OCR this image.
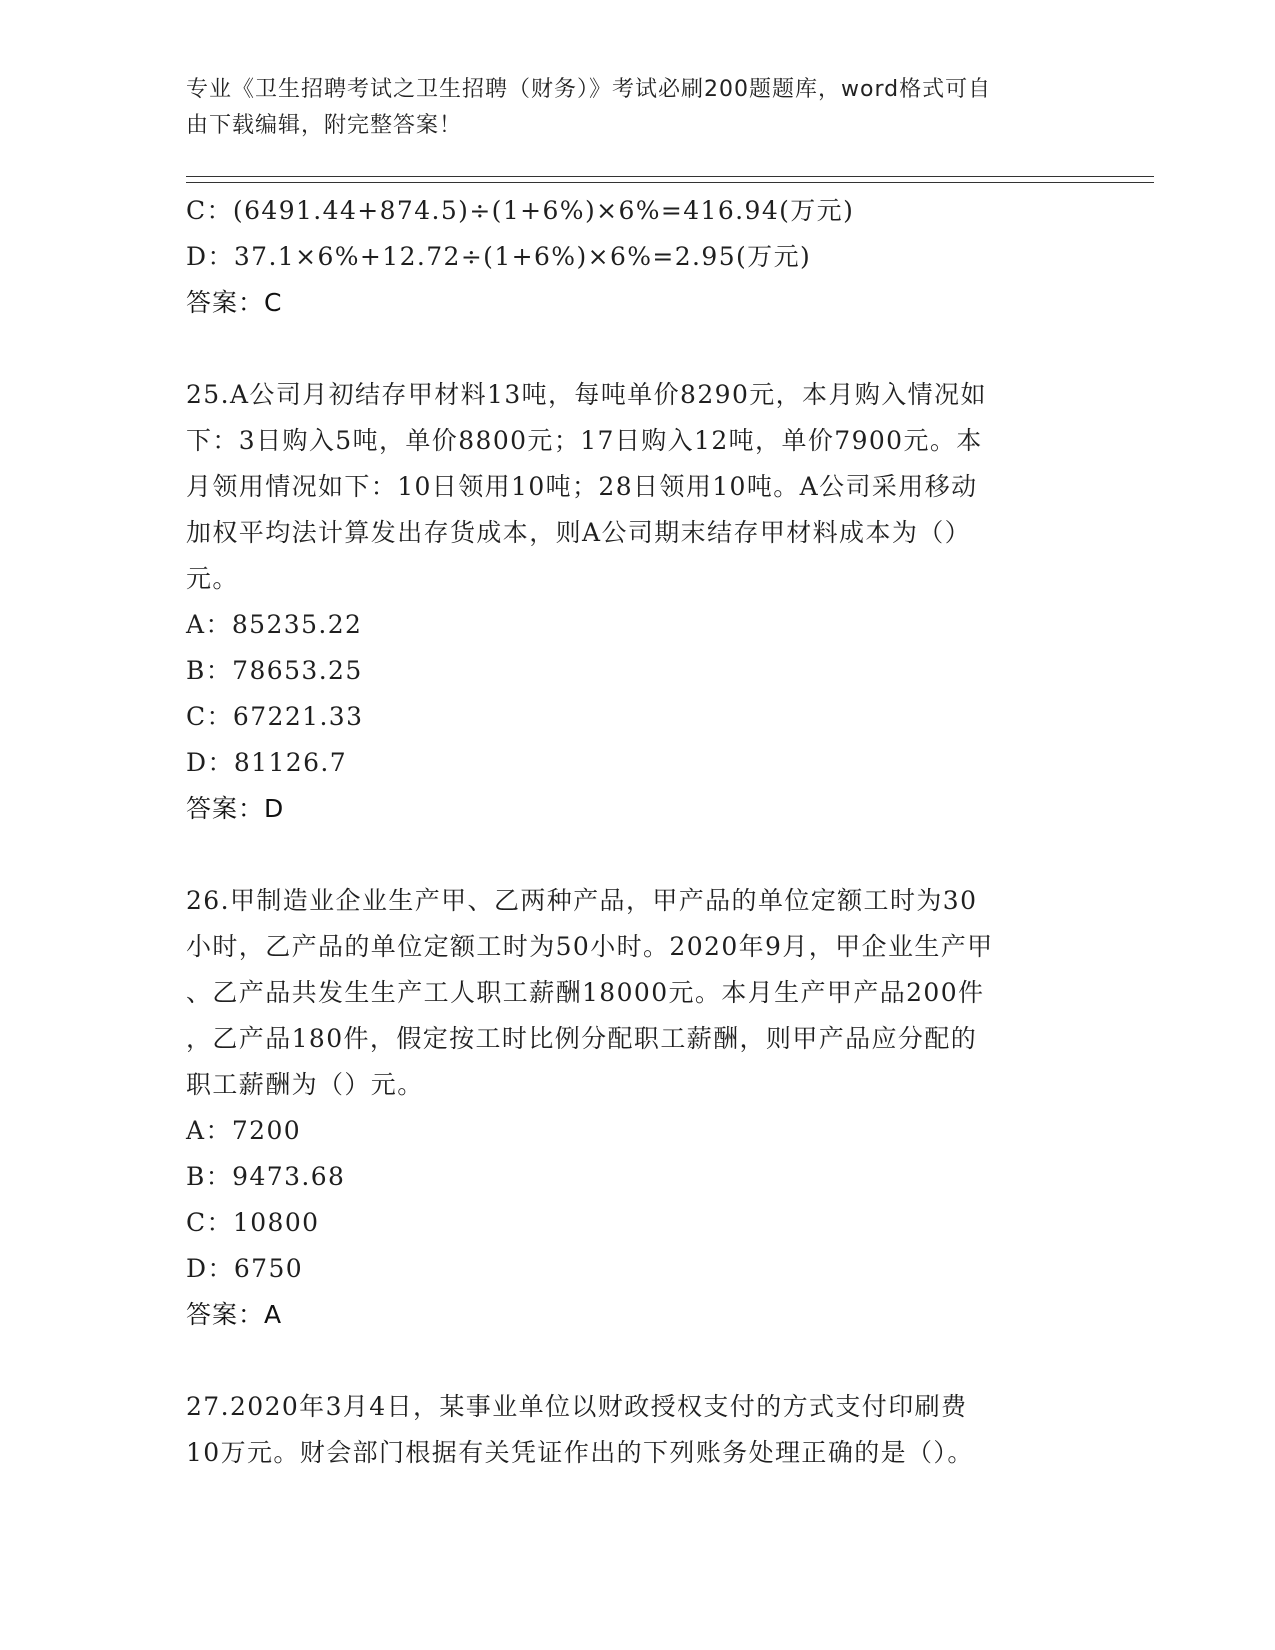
专业《卫生招聘考试之卫生招聘（财务）》考试必刷200题题库，word格式可自
由下载编辑，附完整答案！
C：(6491.44+874.5)÷(1+6%)×6%=416.94(万元)
D：37.1×6%+12.72÷(1+6%)×6%=2.95(万元)
答案：C
25.A公司月初结存甲材料13吨，每吨单价8290元，本月购入情况如
下：3日购入5吨，单价8800元；17日购入12吨，单价7900元。本
月领用情况如下：10日领用10吨；28日领用10吨。A公司采用移动
加权平均法计算发出存货成本，则A公司期末结存甲材料成本为（）
元。
A：85235.22
B：78653.25
C：67221.33
D：81126.7
答案：D
26.甲制造业企业生产甲、乙两种产品，甲产品的单位定额工时为30
小时，乙产品的单位定额工时为50小时。2020年9月，甲企业生产甲
、乙产品共发生生产工人职工薪酬18000元。本月生产甲产品200件
，乙产品180件，假定按工时比例分配职工薪酬，则甲产品应分配的
职工薪酬为（）元。
A：7200
B：9473.68
C：10800
D：6750
答案：A
27.2020年3月4日，某事业单位以财政授权支付的方式支付印刷费
10万元。财会部门根据有关凭证作出的下列账务处理正确的是（）。
